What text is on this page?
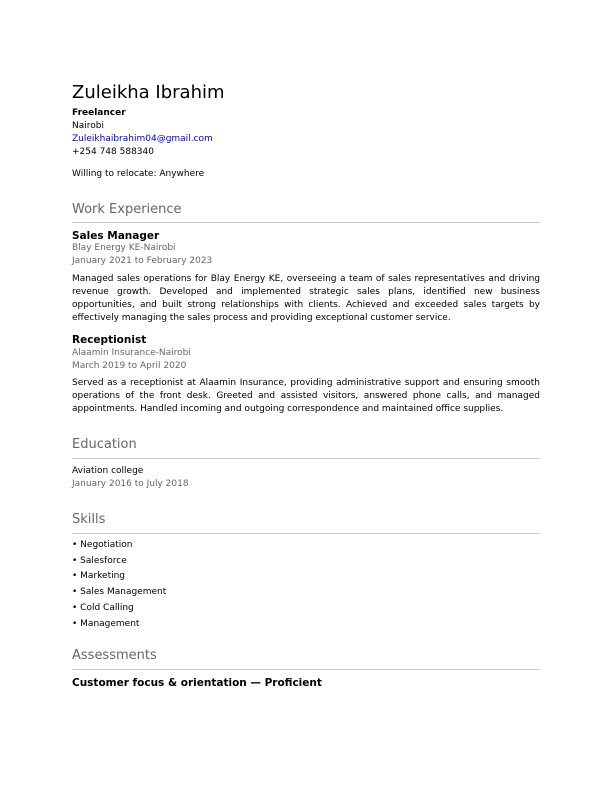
Zuleikha Ibrahim
Freelancer
Nairobi
Zuleikhaibrahim04@gmail.com
+254 748 588340
Willing to relocate: Anywhere
Work Experience
Sales Manager
Blay Energy KE-Nairobi
January 2021 to February 2023
Managed sales operations for Blay Energy KE, overseeing a team of sales representatives and driving revenue growth. Developed and implemented strategic sales plans, identified new business opportunities, and built strong relationships with clients. Achieved and exceeded sales targets by effectively managing the sales process and providing exceptional customer service.
Receptionist
Alaamin Insurance-Nairobi
March 2019 to April 2020
Served as a receptionist at Alaamin Insurance, providing administrative support and ensuring smooth operations of the front desk. Greeted and assisted visitors, answered phone calls, and managed appointments. Handled incoming and outgoing correspondence and maintained office supplies.
Education
Aviation college
January 2016 to July 2018
Skills
• Negotiation
• Salesforce
• Marketing
• Sales Management
• Cold Calling
• Management
Assessments
Customer focus & orientation — Proficient
